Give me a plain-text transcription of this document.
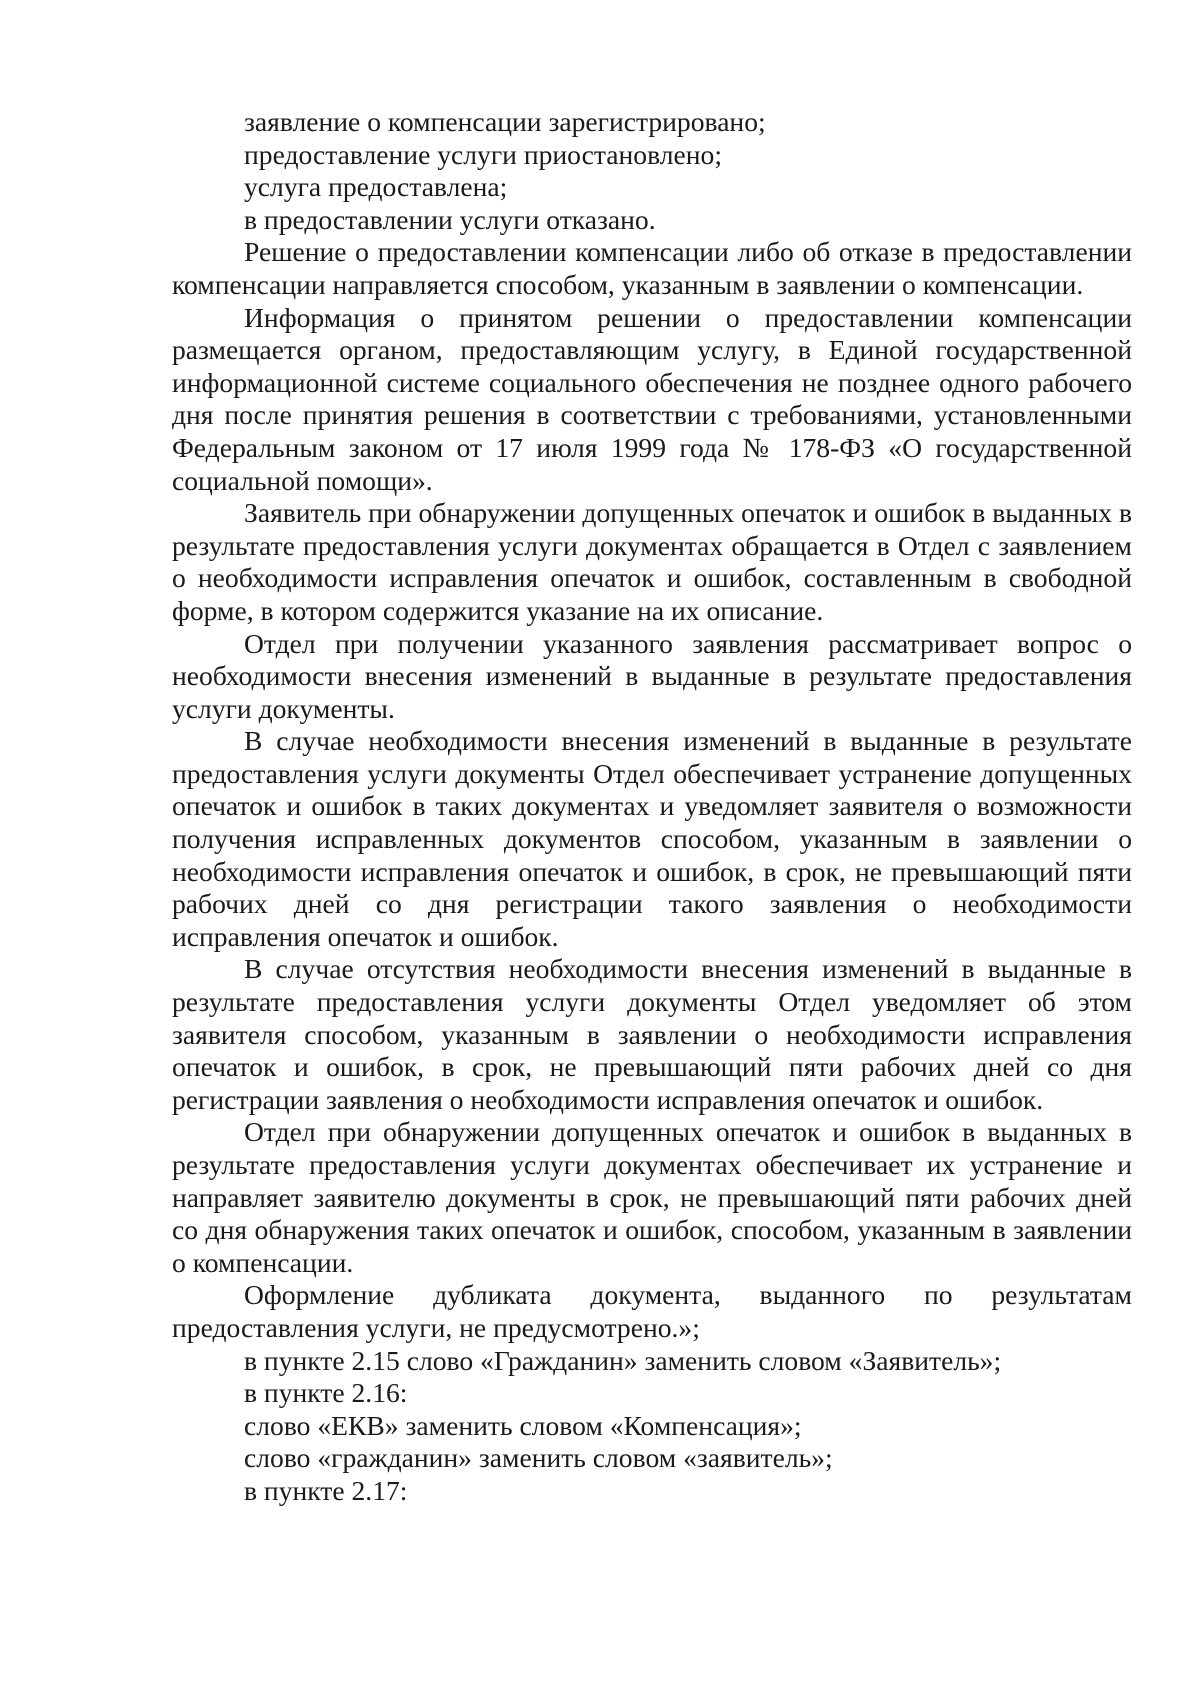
заявление о компенсации зарегистрировано;

предоставление услуги приостановлено;

услуга предоставлена;

в предоставлении услуги отказано.

Решение о предоставлении компенсации либо об отказе в предоставлении компенсации направляется способом, указанным в заявлении о компенсации.

Информация о принятом решении о предоставлении компенсации размещается органом, предоставляющим услугу, в Единой государственной информационной системе социального обеспечения не позднее одного рабочего дня после принятия решения в соответствии с требованиями, установленными Федеральным законом от 17 июля 1999 года № 178-ФЗ «О государственной социальной помощи».

Заявитель при обнаружении допущенных опечаток и ошибок в выданных в результате предоставления услуги документах обращается в Отдел с заявлением о необходимости исправления опечаток и ошибок, составленным в свободной форме, в котором содержится указание на их описание.

Отдел при получении указанного заявления рассматривает вопрос о необходимости внесения изменений в выданные в результате предоставления услуги документы.

В случае необходимости внесения изменений в выданные в результате предоставления услуги документы Отдел обеспечивает устранение допущенных опечаток и ошибок в таких документах и уведомляет заявителя о возможности получения исправленных документов способом, указанным в заявлении о необходимости исправления опечаток и ошибок, в срок, не превышающий пяти рабочих дней со дня регистрации такого заявления о необходимости исправления опечаток и ошибок.

В случае отсутствия необходимости внесения изменений в выданные в результате предоставления услуги документы Отдел уведомляет об этом заявителя способом, указанным в заявлении о необходимости исправления опечаток и ошибок, в срок, не превышающий пяти рабочих дней со дня регистрации заявления о необходимости исправления опечаток и ошибок.

Отдел при обнаружении допущенных опечаток и ошибок в выданных в результате предоставления услуги документах обеспечивает их устранение и направляет заявителю документы в срок, не превышающий пяти рабочих дней со дня обнаружения таких опечаток и ошибок, способом, указанным в заявлении о компенсации.

Оформление дубликата документа, выданного по результатам предоставления услуги, не предусмотрено.»;

в пункте 2.15 слово «Гражданин» заменить словом «Заявитель»;

в пункте 2.16:

слово «ЕКВ» заменить словом «Компенсация»;

слово «гражданин» заменить словом «заявитель»;

в пункте 2.17:
